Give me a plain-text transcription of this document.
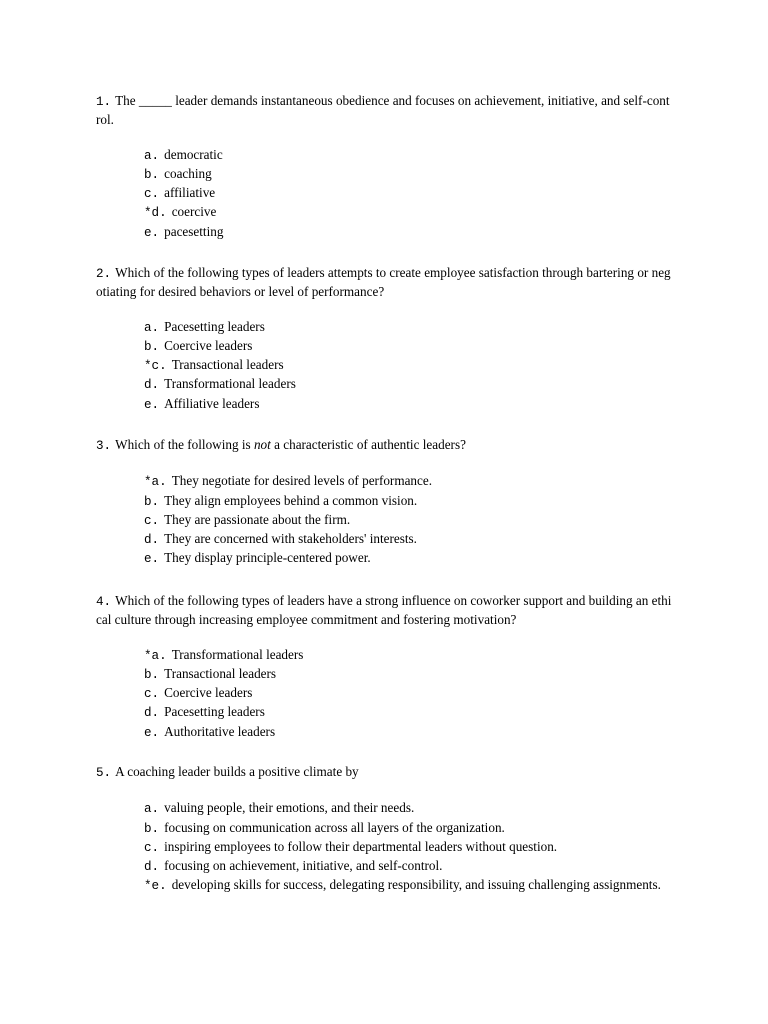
1. The _____ leader demands instantaneous obedience and focuses on achievement, initiative, and self-control.
a. democratic
b. coaching
c. affiliative
*d. coercive
e. pacesetting
2. Which of the following types of leaders attempts to create employee satisfaction through bartering or negotiating for desired behaviors or level of performance?
a. Pacesetting leaders
b. Coercive leaders
*c. Transactional leaders
d. Transformational leaders
e. Affiliative leaders
3. Which of the following is not a characteristic of authentic leaders?
*a. They negotiate for desired levels of performance.
b. They align employees behind a common vision.
c. They are passionate about the firm.
d. They are concerned with stakeholders' interests.
e. They display principle-centered power.
4. Which of the following types of leaders have a strong influence on coworker support and building an ethical culture through increasing employee commitment and fostering motivation?
*a. Transformational leaders
b. Transactional leaders
c. Coercive leaders
d. Pacesetting leaders
e. Authoritative leaders
5. A coaching leader builds a positive climate by
a. valuing people, their emotions, and their needs.
b. focusing on communication across all layers of the organization.
c. inspiring employees to follow their departmental leaders without question.
d. focusing on achievement, initiative, and self-control.
*e. developing skills for success, delegating responsibility, and issuing challenging assignments.
